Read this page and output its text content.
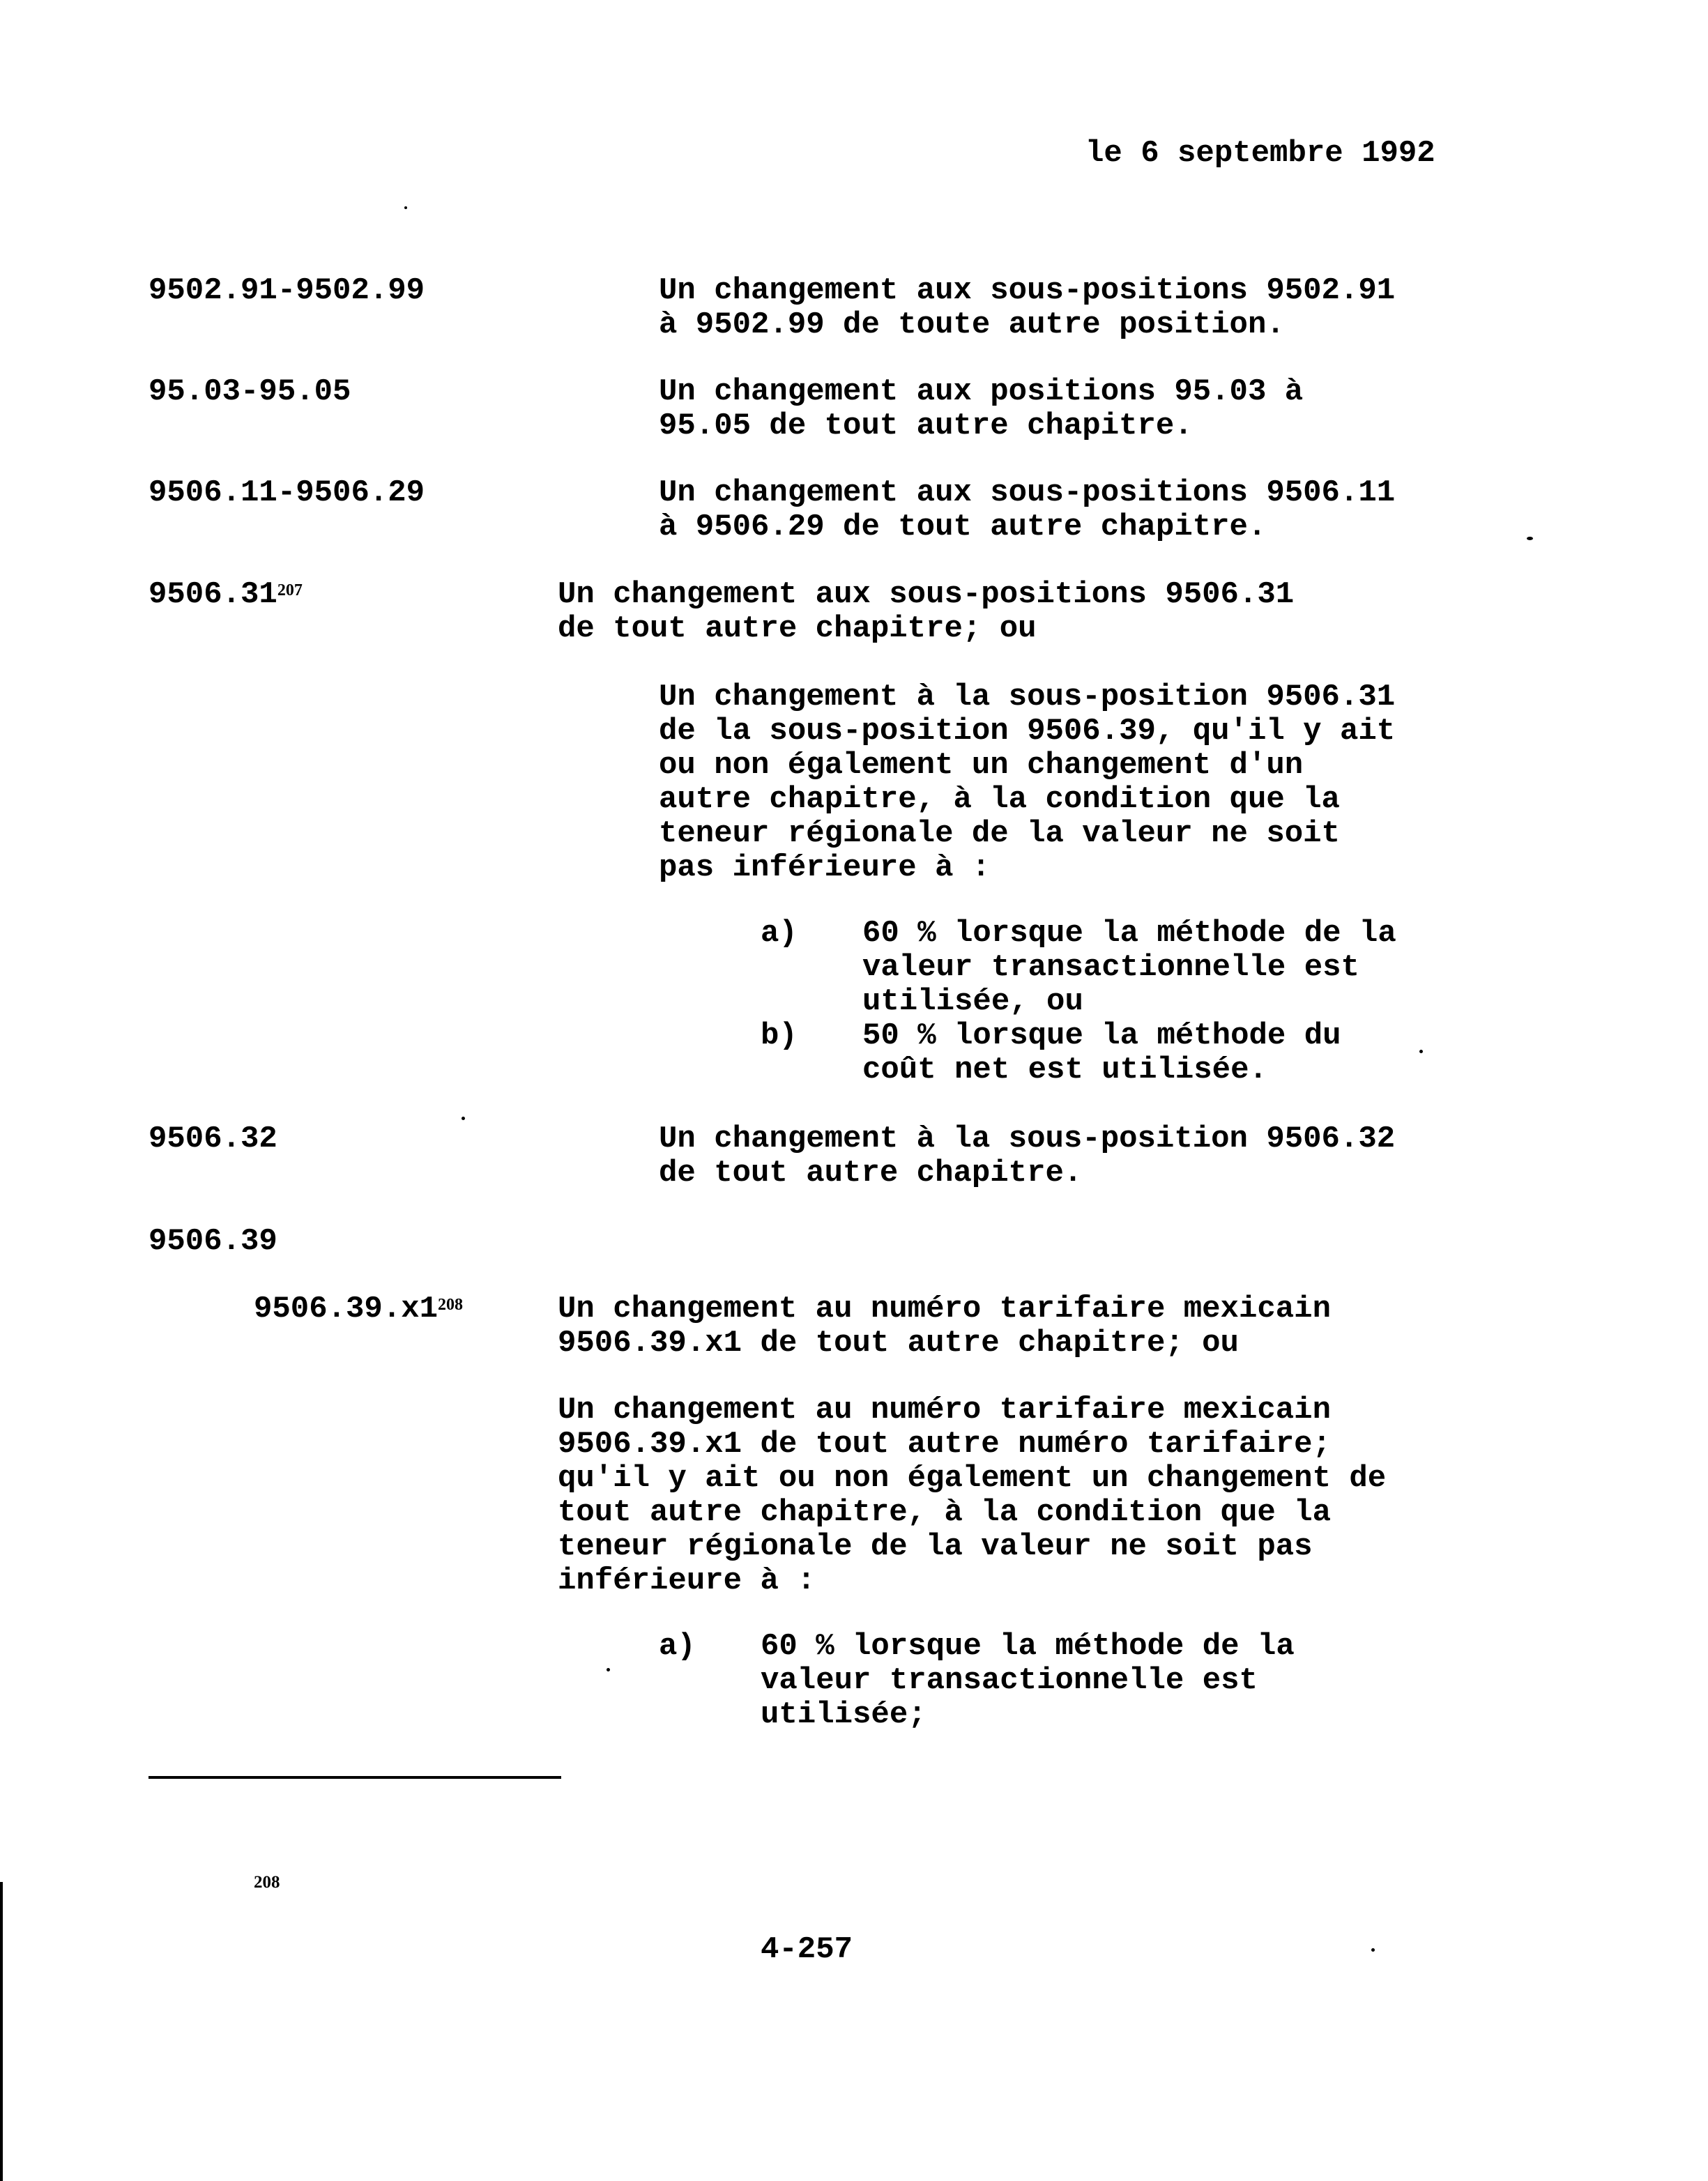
le 6 septembre 1992
9502.91-9502.99	Un changement aux sous-positions 9502.91
à 9502.99 de toute autre position.
95.03-95.05	Un changement aux positions 95.03 à
95.05 de tout autre chapitre.
9506.11-9506.29	Un changement aux sous-positions 9506.11
à 9506.29 de tout autre chapitre.
9506.31$^{207}$	Un changement aux sous-positions 9506.31
de tout autre chapitre; ou
Un changement à la sous-position 9506.31
de la sous-position 9506.39, qu'il y ait
ou non également un changement d'un
autre chapitre, à la condition que la
teneur régionale de la valeur ne soit
pas inférieure à :
a) 60 % lorsque la méthode de la
valeur transactionnelle est
utilisée, ou
b) 50 % lorsque la méthode du
coût net est utilisée.
9506.32	Un changement à la sous-position 9506.32
de tout autre chapitre.
9506.39
$9506.39.x1^{208}$	Un changement au numéro tarifaire mexicain
9506.39.x1 de tout autre chapitre; ou
Un changement au numéro tarifaire mexicain
9506.39.x1 de tout autre numéro tarifaire;
qu'il y ait ou non également un changement de
tout autre chapitre, à la condition que la
teneur régionale de la valeur ne soit pas
inférieure à :
a) 60 % lorsque la méthode de la
valeur transactionnelle est
utilisée;
208
4-257
